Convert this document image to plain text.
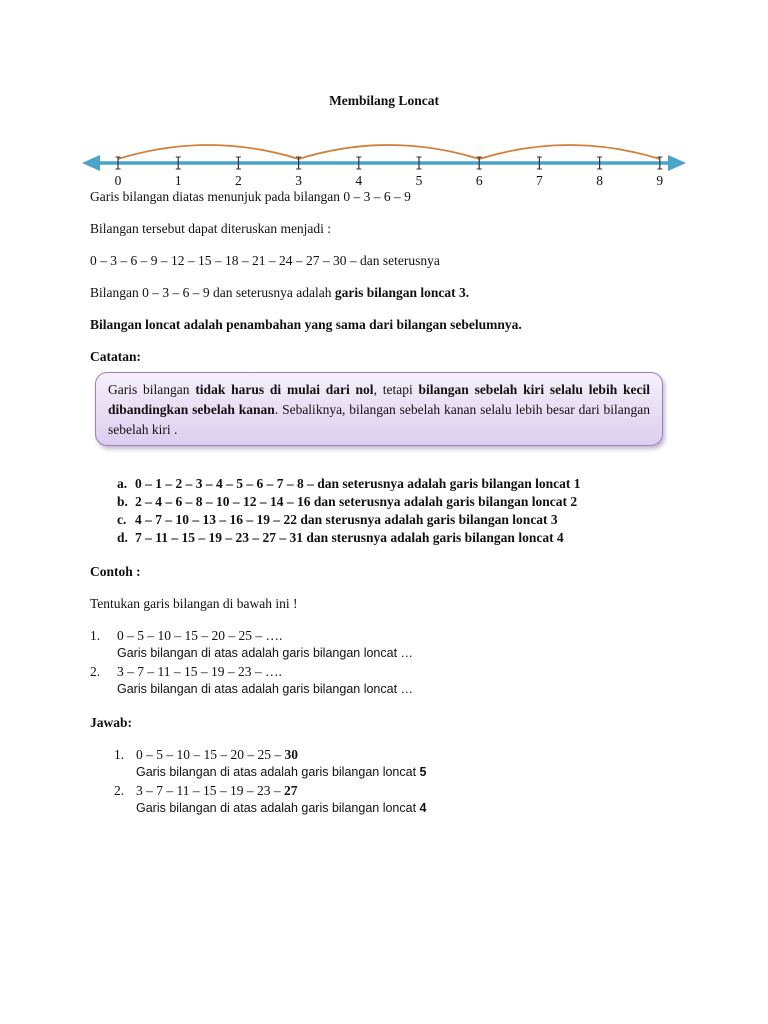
Membilang Loncat
0	1	2	3	4	5	6	7	8	9
Garis bilangan diatas menunjuk pada bilangan 0 – 3 – 6 – 9
Bilangan tersebut dapat diteruskan menjadi :
0 – 3 – 6 – 9 – 12 – 15 – 18 – 21 – 24 – 27 – 30 – dan seterusnya
Bilangan 0 – 3 – 6 – 9 dan seterusnya adalah garis bilangan loncat 3.
Bilangan loncat adalah penambahan yang sama dari bilangan sebelumnya.
Catatan:
Garis bilangan tidak harus di mulai dari nol, tetapi bilangan sebelah kiri selalu lebih kecil dibandingkan sebelah kanan. Sebaliknya, bilangan sebelah kanan selalu lebih besar dari bilangan sebelah kiri .
a. 0 – 1 – 2 – 3 – 4 – 5 – 6 – 7 – 8 – dan seterusnya adalah garis bilangan loncat 1
b. 2 – 4 – 6 – 8 – 10 – 12 – 14 – 16 dan seterusnya adalah garis bilangan loncat 2
c. 4 – 7 – 10 – 13 – 16 – 19 – 22 dan sterusnya adalah garis bilangan loncat 3
d. 7 – 11 – 15 – 19 – 23 – 27 – 31 dan sterusnya adalah garis bilangan loncat 4
Contoh :
Tentukan garis bilangan di bawah ini !
1. 0 – 5 – 10 – 15 – 20 – 25 – ….
Garis bilangan di atas adalah garis bilangan loncat …
2. 3 – 7 – 11 – 15 – 19 – 23 – ….
Garis bilangan di atas adalah garis bilangan loncat …
Jawab:
1. 0 – 5 – 10 – 15 – 20 – 25 – 30
Garis bilangan di atas adalah garis bilangan loncat 5
2. 3 – 7 – 11 – 15 – 19 – 23 – 27
Garis bilangan di atas adalah garis bilangan loncat 4
